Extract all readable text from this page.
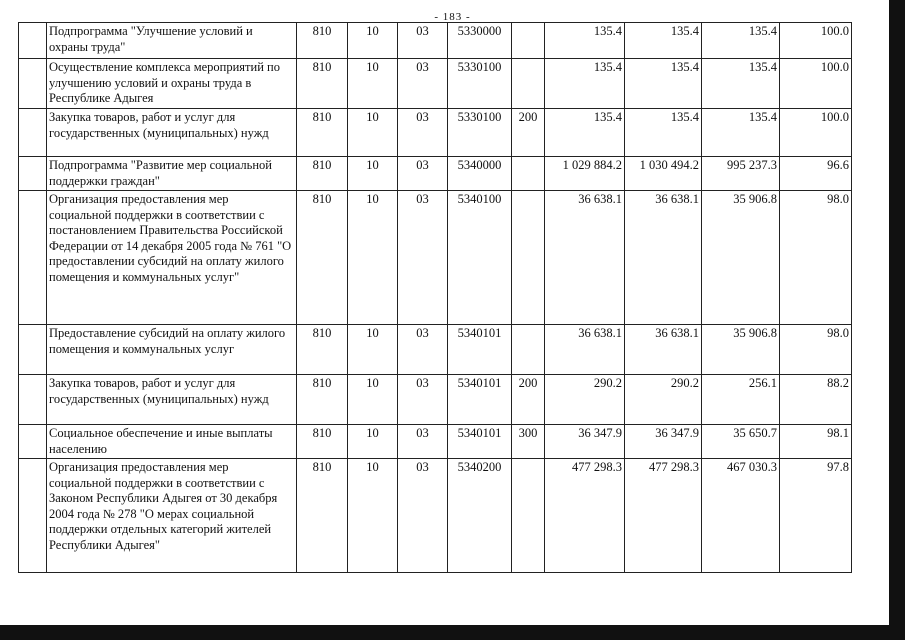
- 183 -
	Подпрограмма "Улучшение условий и охраны труда"	810	10	03	5330000		135.4	135.4	135.4	100.0
	Осуществление комплекса мероприятий по улучшению условий и охраны труда в Республике Адыгея	810	10	03	5330100		135.4	135.4	135.4	100.0
	Закупка товаров, работ и услуг для государственных (муниципальных) нужд	810	10	03	5330100	200	135.4	135.4	135.4	100.0
	Подпрограмма "Развитие мер социальной поддержки граждан"	810	10	03	5340000		1 029 884.2	1 030 494.2	995 237.3	96.6
	Организация предоставления мер социальной поддержки в соответствии с постановлением Правительства Российской Федерации от 14 декабря 2005 года № 761 "О предоставлении субсидий на оплату жилого помещения и коммунальных услуг"	810	10	03	5340100		36 638.1	36 638.1	35 906.8	98.0
	Предоставление субсидий на оплату жилого помещения и коммунальных услуг	810	10	03	5340101		36 638.1	36 638.1	35 906.8	98.0
	Закупка товаров, работ и услуг для государственных (муниципальных) нужд	810	10	03	5340101	200	290.2	290.2	256.1	88.2
	Социальное обеспечение и иные выплаты населению	810	10	03	5340101	300	36 347.9	36 347.9	35 650.7	98.1
	Организация предоставления мер социальной поддержки в соответствии с Законом Республики Адыгея от 30 декабря 2004 года № 278 "О мерах социальной поддержки отдельных категорий жителей Республики Адыгея"	810	10	03	5340200		477 298.3	477 298.3	467 030.3	97.8
